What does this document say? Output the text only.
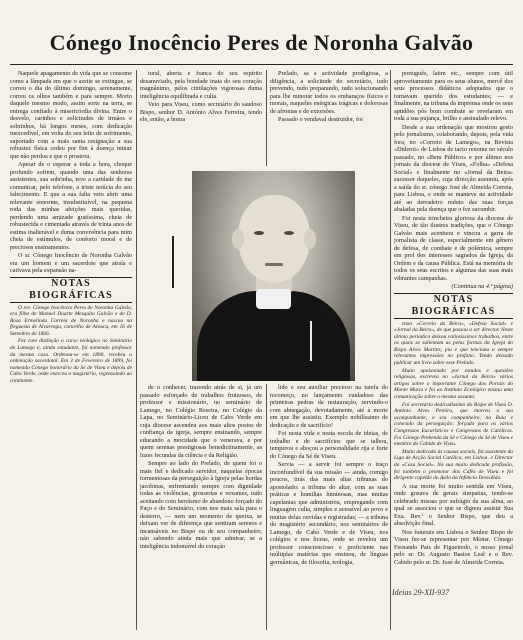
Cónego Inocêncio Peres de Noronha Galvão

Naquele apagamento de vida que se consome como a lâmpada em que o azeite se extingue, se correu o dia do último domingo, serenamente, correu os olhos também e para sempre. Morto daquele mesmo modo, assim sorte na terra, se entrega confiado à misericórdia divina. Entre o desvelo, carinhos e solicitudes de irmãos e sobrinhos, há longos meses, com dedicação inexcedível, em volta do seu leito de sofrimento, suportado com a mais santa resignação a sua robustez física cedeu por fim à doença minaz que não perdoa e que o prostrou.

Apesar de o esperar a toda a hora, choque profundo sofrem, quando uma das senhoras assistentes, sua sobrinha, teve a caridade de me comunicar, pelo telefone, a triste notícia do seu falecimento. E que a sua falta veio abrir uma relevante ennorme, insubstituível, na pequena roda das minhas afeições mais queridas, perdendo uma amizade gratíssima, cheia de robustecida e cimentada através de trinta anos de estima inalterável e duma convivência para mim cheia de estímulos, de conforto moral e de preciosos ensinamentos.

O sr. Cónego Inocêncio de Noronha Galvão era um homem e um sacerdote que atraía e cativava pela expansão na-

NOTAS BIOGRÁFICAS

O rev. Cónego Inocêncio Peres de Noronha Galvão, era filho de Manuel Duarte Mesquita Galvão e de D. Rosa Ermelinda Correia de Noronha e nasceu na freguesia de Alvarenga, concelho de Arouca, em 16 de Setembro de 1866.

Fez com distinção o curso teológico no Seminário de Lamego e, ainda estudante, foi nomeado professor da mesma casa. Ordenou-se em 1890, recebeu a ordenação sacerdotal. Em 3 de Fevereiro de 1899, foi nomeado Cónego honorário da Sé de Viseu e depois de Cabo Verde, onde exerceu o magistério, regressando ao continente.

tural, aberta e franca do seu espírito desanuviado, pela bondade inata do seu coração magnânimo, pelos cintilações vigorosas duma inteligência equilibrada e culta.

Veio para Viseu, como secretário do saudoso Bispo, senhor D. António Alves Ferreira, tendo ele, então, a honra

Prelado, sa a actividade prodigiosa, a diligência, a solicitude do secretário, tudo prevendo, tudo preparando, tudo solucionando para lhe minorar todos os embaraços físicos e morais, naqueles enérgicas trágicas e dolorosas de afrontas e de extorsões.

Passado o vendaval destruidor, foi

de o conhecer, trazendo atrás de si, já um passado esforçado de trabalhos frutuosos, de professor e missionário, no seminário de Lamego, no Colégio Reseira, no Colégio da Lapa, no Seminário-Liceu de Cabo Verde em cuja diocese ascendeu aos mais altos postos de confiança da igreja, sempre ensinando, sempre educando a mocidade que o venerava, e por quem serenas prestigiosas benedictinamente, as luzes fecundas da ciência e da Religião.

Sempre ao lado do Prelado, de quem foi o mais fiel e dedicado servidor, naquelas épocas tormentosas da perseguição à Igreja pelas hordas jacobinas, enfrentando sempre com dignidade todas as violências, grosserias e vexames, tudo aceitando com heroísmo de abandono forçado do Paço e do Seminário, com nos mais sala para o desterro, — nem um momento de queixa, se deixam ver de diferença que sentiram serenos e incansáveis no Bispo ou de seu companheiro, não sabendo ainda mais que admirar, se a inteligência indomável do coração

lido e seu auxiliar precioso na tarefa do recomeço, no lançamento cuidadoso das primeiras pedras da restauração, servindo-o com abnegação, devotadamente, até à morte em que lhe assistiu. Exemplo nobilíssimo de dedicação e de sacrifício!

Foi nesta vida e nesta escola de ideias, de trabalho e de sacrifícios que se talhou, temperou e aboçou a personalidade rija e forte do Cónego da Sé de Viseu.

Servia — a servir foi sempre o traço inconfundível da sua missão — ainda, comigo poucos, tirás das mais altas tribunas do apostolado: a tribuna do altar, com as suas práticas e homilias luminosas, mas muitas capelanias que administrou, empregando com linguagem culta, simples e acessível ao povo e muitas delas ouvidas e registradas; — a tribuna do magistério secundário, nos seminários de Lamego, de Cabo Verde e de Viseu, nos colégios e nos liceus, onde se revelou um professor consciencioso e proficiente nas múltiplas matérias que ensinou, de línguas germânicas, de filosofia, teologia,

português, latim etc., sempre com útil aproveitamento para os seus alunos, mercê dos seus processos didáticos adoptados que o tornavam querido dos estudantes; — e finalmente, na tribuna da imprensa onde os seus aptidões pôs bom combate se revelaram em toda a sua pujança, brilho e assinalado relevo.

Desde a sua ordenação que mostrou gosto pelo jornalismo, colaborando, depois, pela vida fora, no «Correio de Lamego», na Revista «Diderot» de Lisboa de tacto renome no século passado, no «Bem Público» e por último nos jornais da diocese de Viseu, «Folha» «Defesa Social» e finalmente no «Jornal da Beira» sucessor daqueles, cuja direcção assumiu, após a saída do sr. cónego José de Almeida Correia, para Lisboa, e onde se manteve na actividade até ao derradeiro reduto das suas forças abaladas pela doença que o fez sucumbir.

Foi nesta trincheira gloriosa da diocese de Viseu, de tão ilustres tradições, que o Cónego Galvão mais acentuou e vincou a garra de jornalista de classe, especialmente em gênero de defesa, de combate e de polémica, sempre em prol dos interesses sagrados da Igreja, da Ordem e da causa Pública. Está na memória de todos os seus escritos e algumas das suas mais vibrantes campanhas.

(Continua na 4.ª página)

NOTAS BIOGRÁFICAS

teses «Correio da Beira», «Defesa Social» e «Jornal da Beira», de que passou a ser director. Neste último periódico deixou valiosíssimos trabalhos, entre os quais se salientam as pelas formas da Igreja do Bispo Alves Martins, pia e que tenciona a sempre relevantes impressões no profano. Tendo deixado publicar um livro sobre esse Prelado.

Muito apaixonado por estudos e questões religiosas, escreveu no «Jornal da Beira» vários artigos sobre o importante Cônego dos Portais do Monte Maria e foi ao Instituto Ecológico ensina uma comunicação sobre o mesmo assunto.

Foi secretário dedicadíssimo do Bispo de Viseu D. António Alves Pereira, que morreu o seu acompanhante, o seu companheiro, na Bula e colocado da perseguição: forçado para os vários Congressos Eucarísticos e Congressos de Católicos. Foi Cónego Prebenda da Sé e Cónego da Sé de Viseu e membro do Cabido de Viseu.

Muito dedicado às causas sociais, foi assistente da Liga de Acção Social Católica, em Lisboa, e Director da «Casa Social». Na sua muito dedicada profissão, foi também o promotor dos Cafés de Viseu e foi dirigente capelão do Asilo da Infância Desvalida.

A sua morte foi muito sentida em Viseu, onde gozava de gerais simpatias, tendo-se celebrado missas por sufrágio da sua alma, ao qual se associou o que se dignou assistir Sua Exa. Rev.ª o Senhor Bispo, que deu a absolvição final.

Nos funerais em Lisboa o Senhor Bispo de Viseu fez-se representar por Monsr. Cónego Fernando Pais de Figueiredo, o nosso jornal pelo sr. Dr. Augusto Bastos Leal e o Rev. Cabido pelo sr. Dr. José de Almeida Correia.

Ideias 29-XII-937
